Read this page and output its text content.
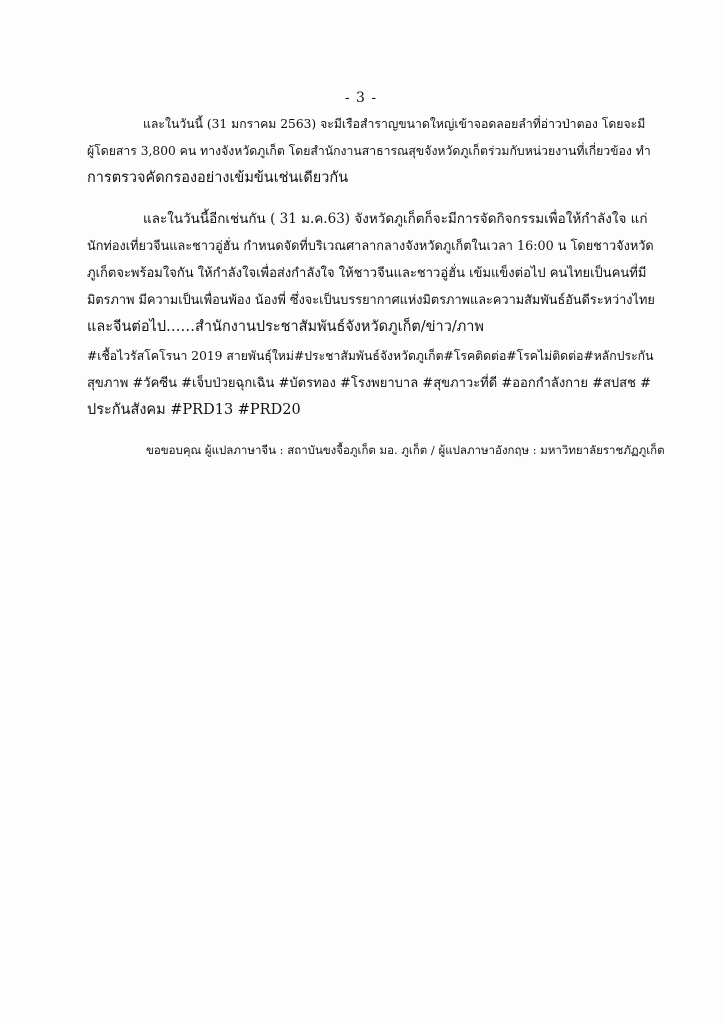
- 3 -
และในวันนี้ (31 มกราคม 2563) จะมีเรือสำราญขนาดใหญ่เข้าจอดลอยลำที่อ่าวป่าตอง โดยจะมี
ผู้โดยสาร 3,800 คน ทางจังหวัดภูเก็ต โดยสำนักงานสาธารณสุขจังหวัดภูเก็ตร่วมกับหน่วยงานที่เกี่ยวข้อง ทำ
การตรวจคัดกรองอย่างเข้มข้นเช่นเดียวกัน
และในวันนี้อีกเช่นกัน ( 31 ม.ค.63) จังหวัดภูเก็ตก็จะมีการจัดกิจกรรมเพื่อให้กำลังใจ แก่
นักท่องเที่ยวจีนและชาวอู่ฮั่น กำหนดจัดที่บริเวณศาลากลางจังหวัดภูเก็ตในเวลา 16:00 น โดยชาวจังหวัด
ภูเก็ตจะพร้อมใจกัน ให้กำลังใจเพื่อส่งกำลังใจ ให้ชาวจีนและชาวอู่ฮั่น เข้มแข็งต่อไป คนไทยเป็นคนที่มี
มิตรภาพ มีความเป็นเพื่อนพ้อง น้องพี่ ซึ่งจะเป็นบรรยากาศแห่งมิตรภาพและความสัมพันธ์อันดีระหว่างไทย
และจีนต่อไป……สำนักงานประชาสัมพันธ์จังหวัดภูเก็ต/ข่าว/ภาพ
#เชื้อไวรัสโคโรนา 2019 สายพันธุ์ใหม่#ประชาสัมพันธ์จังหวัดภูเก็ต#โรคติดต่อ#โรคไม่ติดต่อ#หลักประกัน
สุขภาพ #วัคซีน #เจ็บป่วยฉุกเฉิน #บัตรทอง #โรงพยาบาล #สุขภาวะที่ดี #ออกกำลังกาย #สปสช #
ประกันสังคม #PRD13 #PRD20
ขอขอบคุณ ผู้แปลภาษาจีน : สถาบันขงจื้อภูเก็ต มอ. ภูเก็ต / ผู้แปลภาษาอังกฤษ : มหาวิทยาลัยราชภัฏภูเก็ต
